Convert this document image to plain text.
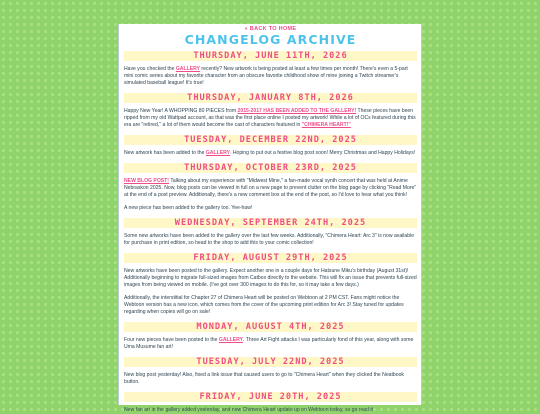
« BACK TO HOME
CHANGELOG ARCHIVE
THURSDAY, JUNE 11TH, 2026

Have you checked the GALLERY recently? New artwork is being posted at least a few times per month! There's even a 5-part mini comic series about my favorite character from an obscure favorite childhood show of mine joining a Twitch streamer's simulated baseball league! It's true!

THURSDAY, JANUARY 8TH, 2026

Happy New Year! A WHOPPING 80 PIECES from 2015-2017 HAS BEEN ADDED TO THE GALLERY! These pieces have been ripped from my old Wattpad account, as that was the first place online I posted my artwork! While a lot of OCs featured during this era are "retired," a lot of them would become the cast of characters featured in "CHIMERA HEART!"

TUESDAY, DECEMBER 22ND, 2025

New artwork has been added to the GALLERY. Hoping to put out a festive blog post soon! Merry Christmas and Happy Holidays!

THURSDAY, OCTOBER 23RD, 2025

NEW BLOG POST! Talking about my experience with "Midwest Mine," a fan-made vocal synth concert that was held at Anime Nebraskon 2025. Now, blog posts can be viewed in full on a new page to prevent clutter on the blog page by clicking "Read More" at the end of a post preview. Additionally, there's a new comment box at the end of the post, so I'd love to hear what you think!

A new piece has been added to the gallery too. Yee-haw!

WEDNESDAY, SEPTEMBER 24TH, 2025

Some new artworks have been added to the gallery over the last few weeks. Additionally, "Chimera Heart: Arc 3" is now available for purchase in print edition, so head to the shop to add this to your comic collection!

FRIDAY, AUGUST 29TH, 2025

New artworks have been posted to the gallery. Expect another one in a couple days for Hatsune Miku's birthday (August 31st)! Additionally beginning to migrate full-sized images from Catbox directly to the website. This will fix an issue that prevents full-sized images from being viewed on mobile. (I've got over 300 images to do this for, so it may take a few days.)

Additionally, the interstitial for Chapter 27 of Chimera Heart will be posted on Webtoon at 2 PM CST. Fans might notice the Webtoon version has a new icon, which comes from the cover of the upcoming print edition for Arc 3! Stay tuned for updates regarding when copies will go on sale!

MONDAY, AUGUST 4TH, 2025

Four new pieces have been posted to the GALLERY. Three Art Fight attacks I was particularly fond of this year, along with some Uma Musume fan art!

TUESDAY, JULY 22ND, 2025

New blog post yesterday! Also, fixed a link issue that caused users to go to "Chimera Heart" when they clicked the Neatbook button.

FRIDAY, JUNE 20TH, 2025

New fan art in the gallery added yesterday, and new Chimera Heart update up on Webtoon today, so go read it
